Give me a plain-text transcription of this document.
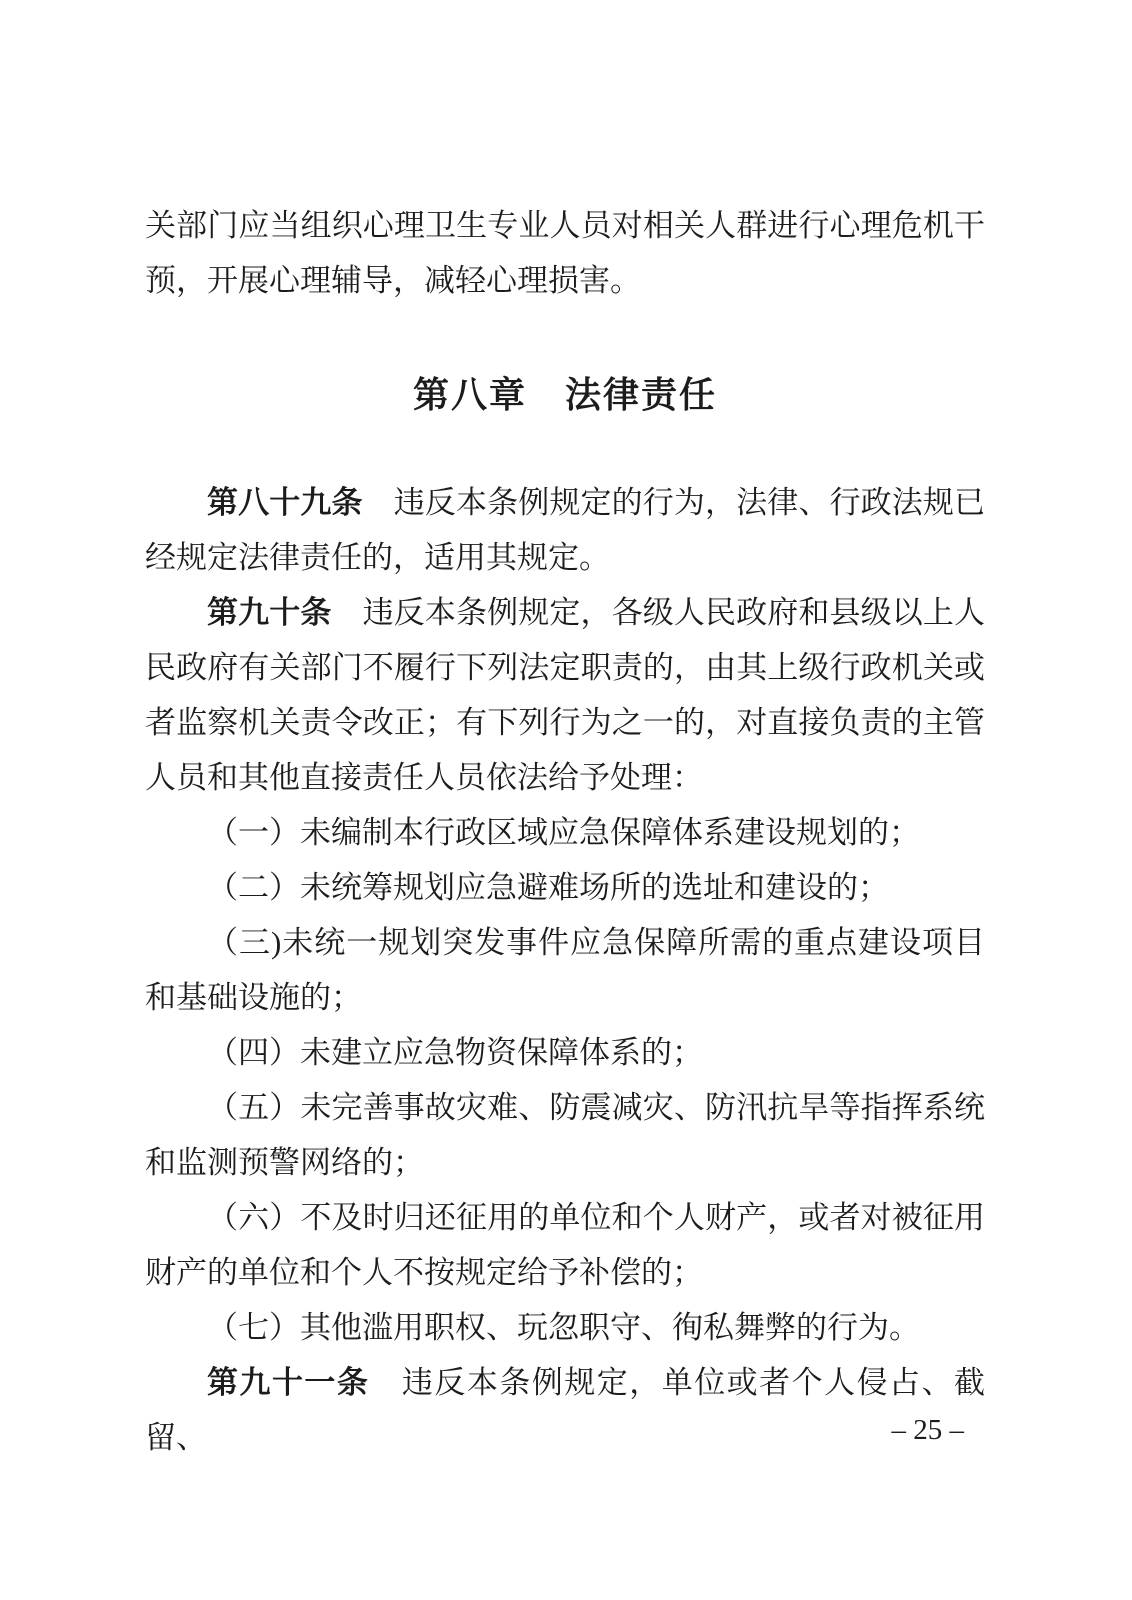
关部门应当组织心理卫生专业人员对相关人群进行心理危机干预，开展心理辅导，减轻心理损害。

第八章　法律责任

第八十九条　违反本条例规定的行为，法律、行政法规已经规定法律责任的，适用其规定。

第九十条　违反本条例规定，各级人民政府和县级以上人民政府有关部门不履行下列法定职责的，由其上级行政机关或者监察机关责令改正；有下列行为之一的，对直接负责的主管人员和其他直接责任人员依法给予处理：

（一）未编制本行政区域应急保障体系建设规划的；

（二）未统筹规划应急避难场所的选址和建设的；

（三)未统一规划突发事件应急保障所需的重点建设项目和基础设施的；

（四）未建立应急物资保障体系的；

（五）未完善事故灾难、防震减灾、防汛抗旱等指挥系统和监测预警网络的；

（六）不及时归还征用的单位和个人财产，或者对被征用财产的单位和个人不按规定给予补偿的；

（七）其他滥用职权、玩忽职守、徇私舞弊的行为。

第九十一条　违反本条例规定，单位或者个人侵占、截留、	– 25 –
